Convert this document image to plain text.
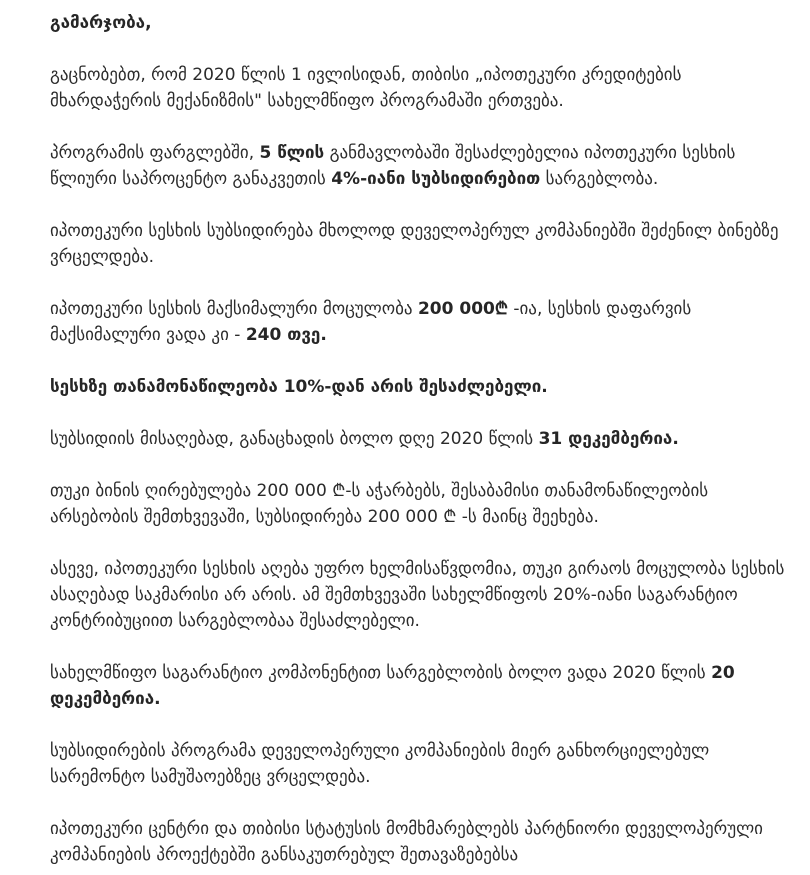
გამარჯობა,

გაცნობებთ, რომ 2020 წლის 1 ივლისიდან, თიბისი „იპოთეკური კრედიტების მხარდაჭერის მექანიზმის" სახელმწიფო პროგრამაში ერთვება.

პროგრამის ფარგლებში, 5 წლის განმავლობაში შესაძლებელია იპოთეკური სესხის წლიური საპროცენტო განაკვეთის 4%-იანი სუბსიდირებით სარგებლობა.

იპოთეკური სესხის სუბსიდირება მხოლოდ დეველოპერულ კომპანიებში შეძენილ ბინებზე ვრცელდება.

იპოთეკური სესხის მაქსიმალური მოცულობა 200 000₾ -ია, სესხის დაფარვის მაქსიმალური ვადა კი - 240 თვე.

სესხზე თანამონაწილეობა 10%-დან არის შესაძლებელი.

სუბსიდიის მისაღებად, განაცხადის ბოლო დღე 2020 წლის 31 დეკემბერია.

თუკი ბინის ღირებულება 200 000 ₾-ს აჭარბებს, შესაბამისი თანამონაწილეობის არსებობის შემთხვევაში, სუბსიდირება 200 000 ₾ -ს მაინც შეეხება.

ასევე, იპოთეკური სესხის აღება უფრო ხელმისაწვდომია, თუკი გირაოს მოცულობა სესხის ასაღებად საკმარისი არ არის. ამ შემთხვევაში სახელმწიფოს 20%-იანი საგარანტიო კონტრიბუციით სარგებლობაა შესაძლებელი.

სახელმწიფო საგარანტიო კომპონენტით სარგებლობის ბოლო ვადა 2020 წლის 20 დეკემბერია.

სუბსიდირების პროგრამა დეველოპერული კომპანიების მიერ განხორციელებულ სარემონტო სამუშაოებზეც ვრცელდება.

იპოთეკური ცენტრი და თიბისი სტატუსის მომხმარებლებს პარტნიორი დეველოპერული კომპანიების პროექტებში განსაკუთრებულ შეთავაზებებსა
